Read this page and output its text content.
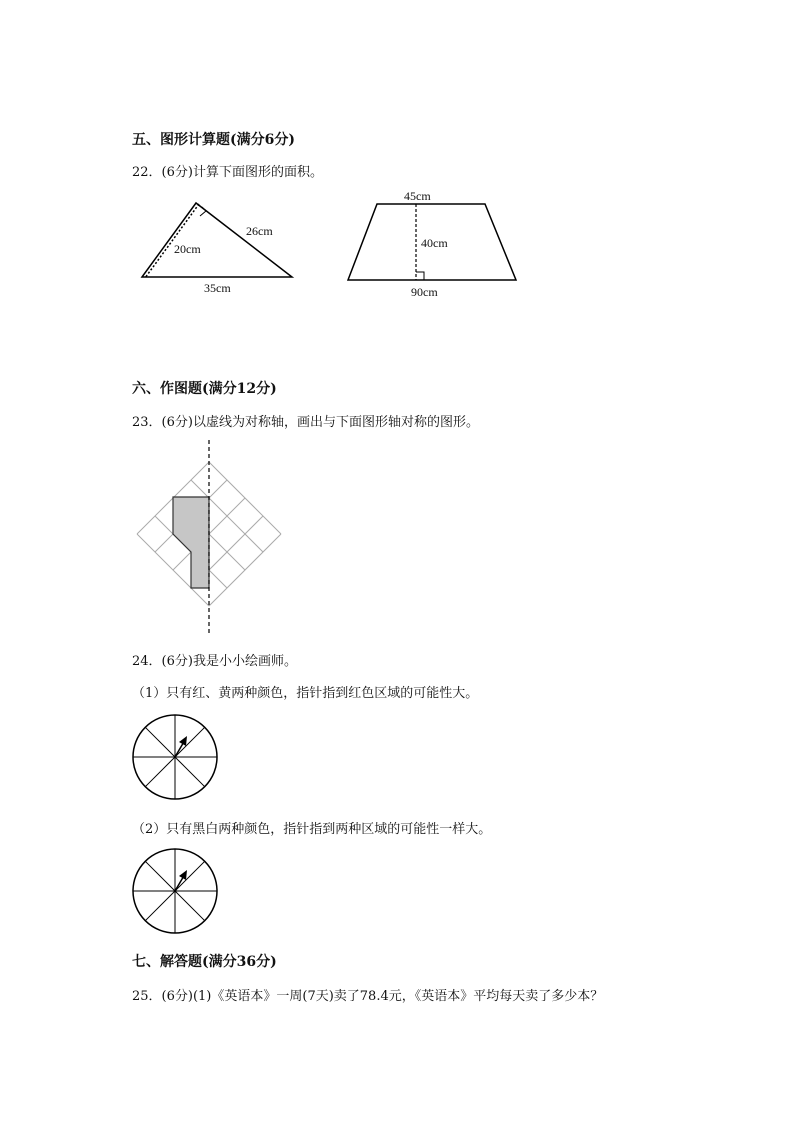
五、图形计算题(满分6分)
22．(6分)计算下面图形的面积。
20cm
26cm
35cm
45cm
40cm
90cm
六、作图题(满分12分)
23．(6分)以虚线为对称轴，画出与下面图形轴对称的图形。
24．(6分)我是小小绘画师。
（1）只有红、黄两种颜色，指针指到红色区域的可能性大。
（2）只有黑白两种颜色，指针指到两种区域的可能性一样大。
七、解答题(满分36分)
25．(6分)(1)《英语本》一周(7天)卖了78.4元，《英语本》平均每天卖了多少本？
